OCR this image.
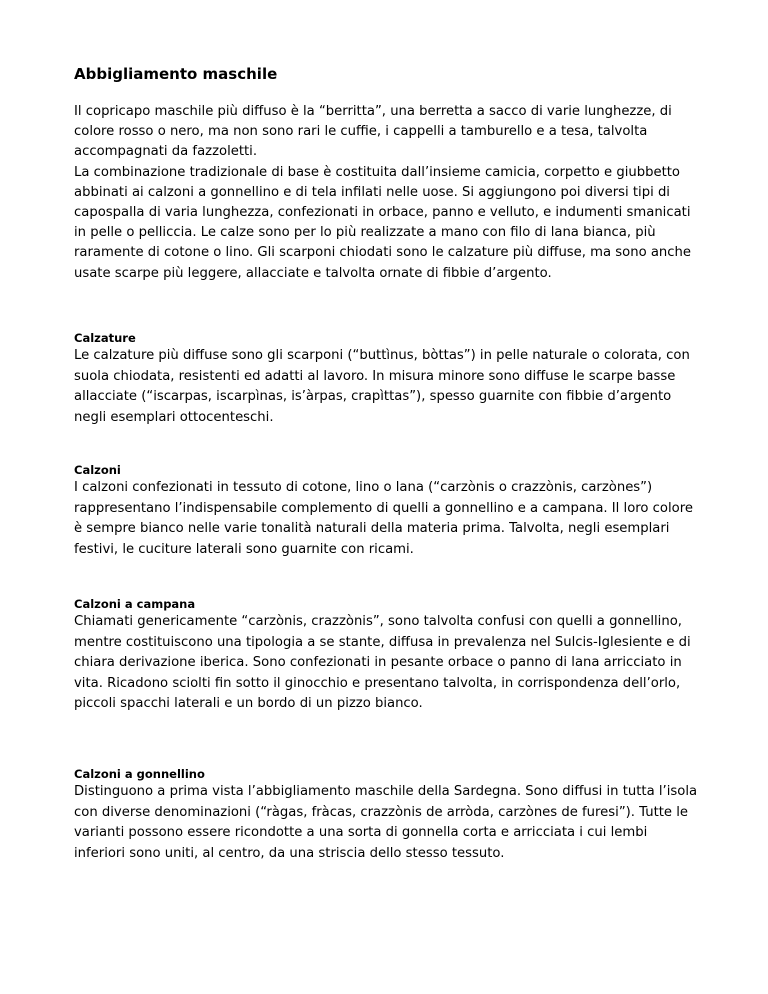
Abbigliamento maschile

Il copricapo maschile più diffuso è la “berritta”, una berretta a sacco di varie lunghezze, di colore rosso o nero, ma non sono rari le cuffie, i cappelli a tamburello e a tesa, talvolta accompagnati da fazzoletti.
La combinazione tradizionale di base è costituita dall’insieme camicia, corpetto e giubbetto abbinati ai calzoni a gonnellino e di tela infilati nelle uose. Si aggiungono poi diversi tipi di capospalla di varia lunghezza, confezionati in orbace, panno e velluto, e indumenti smanicati in pelle o pelliccia. Le calze sono per lo più realizzate a mano con filo di lana bianca, più raramente di cotone o lino. Gli scarponi chiodati sono le calzature più diffuse, ma sono anche usate scarpe più leggere, allacciate e talvolta ornate di fibbie d’argento.

Calzature

Le calzature più diffuse sono gli scarponi (“buttìnus, bòttas”) in pelle naturale o colorata, con suola chiodata, resistenti ed adatti al lavoro. In misura minore sono diffuse le scarpe basse allacciate (“iscarpas, iscarpìnas, is’àrpas, crapìttas”), spesso guarnite con fibbie d’argento negli esemplari ottocenteschi.

Calzoni

I calzoni confezionati in tessuto di cotone, lino o lana (“carzònis o crazzònis, carzònes”) rappresentano l’indispensabile complemento di quelli a gonnellino e a campana. Il loro colore è sempre bianco nelle varie tonalità naturali della materia prima. Talvolta, negli esemplari festivi, le cuciture laterali sono guarnite con ricami.

Calzoni a campana

Chiamati genericamente “carzònis, crazzònis”, sono talvolta confusi con quelli a gonnellino, mentre costituiscono una tipologia a se stante, diffusa in prevalenza nel Sulcis-Iglesiente e di chiara derivazione iberica. Sono confezionati in pesante orbace o panno di lana arricciato in vita. Ricadono sciolti fin sotto il ginocchio e presentano talvolta, in corrispondenza dell’orlo, piccoli spacchi laterali e un bordo di un pizzo bianco.

Calzoni a gonnellino

Distinguono a prima vista l’abbigliamento maschile della Sardegna. Sono diffusi in tutta l’isola con diverse denominazioni (“ràgas, fràcas, crazzònis de arròda, carzònes de furesi”). Tutte le varianti possono essere ricondotte a una sorta di gonnella corta e arricciata i cui lembi inferiori sono uniti, al centro, da una striscia dello stesso tessuto.
